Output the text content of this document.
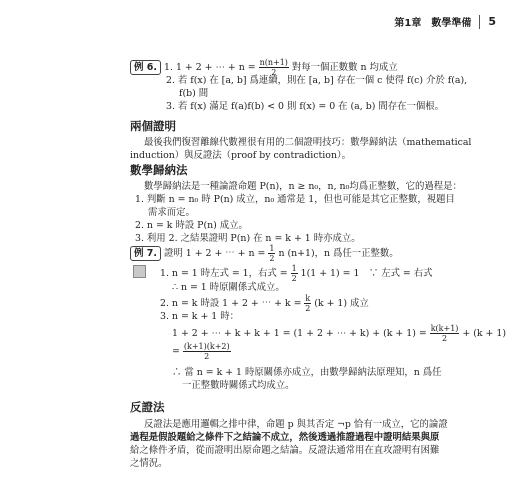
第1章　數學準備 5
例 6. 1. 1 + 2 + ⋯ + $n = \frac{n(n+1)}{2}$ 對每一個正數數 n 均成立
2. 若 f(x) 在 [a, b] 爲連續，則在 [a, b] 存在一個 c 使得 f(c) 介於 f(a),
f(b) 間
3. 若 f(x) 滿足 f(a)f(b) < 0 則 f(x) = 0 在 (a, b) 間存在一個根。
兩個證明
最後我們復習離線代數裡很有用的二個證明技巧：數學歸納法（mathematical
induction）與反證法（proof by contradiction）。
數學歸納法
數學歸納法是一種論證命題 P(n)，n ≥ n₀，n, n₀均爲正整數，它的過程是：
1. 判斷 n = n₀ 時 P(n) 成立，n₀ 通常是 1，但也可能是其它正整數，視題目
需求而定。
2. n = k 時設 P(n) 成立。
3. 利用 2. 之結果證明 P(n) 在 n = k + 1 時亦成立。
例 7. 證明 1 + 2 + ⋯ + $n = \frac{1}{2}$ n (n+1)，n 爲任一正整數。
1. n = 1 時左式 = 1，右式 = $\frac{1}{2} 1(1 + 1) = 1$　∵ 左式 = 右式
∴ n = 1 時原關係式成立。
2. n = k 時設 1 + 2 + ⋯ + $k = \frac{k}{2} (k + 1)$ 成立
3. n = k + 1 時：
1 + 2 + ⋯ + k + k + 1 = (1 + 2 + ⋯ + $k) + (k + 1) = \frac{k(k+1)}{2} + (k + 1)$
= $\frac{(k+1)(k+2)}{2}$
∴ 當 n = k + 1 時原關係亦成立，由數學歸納法原理知，n 爲任
一正整數時關係式均成立。
反證法
反證法是應用邏輯之排中律，命題 p 與其否定 ¬p 恰有一成立，它的論證
過程是假設題給之條件下之結論不成立，然後透過推證過程中證明結果與原
給之條件矛盾，從而證明出原命題之結論。反證法通常用在直攻證明有困難
之情況。
